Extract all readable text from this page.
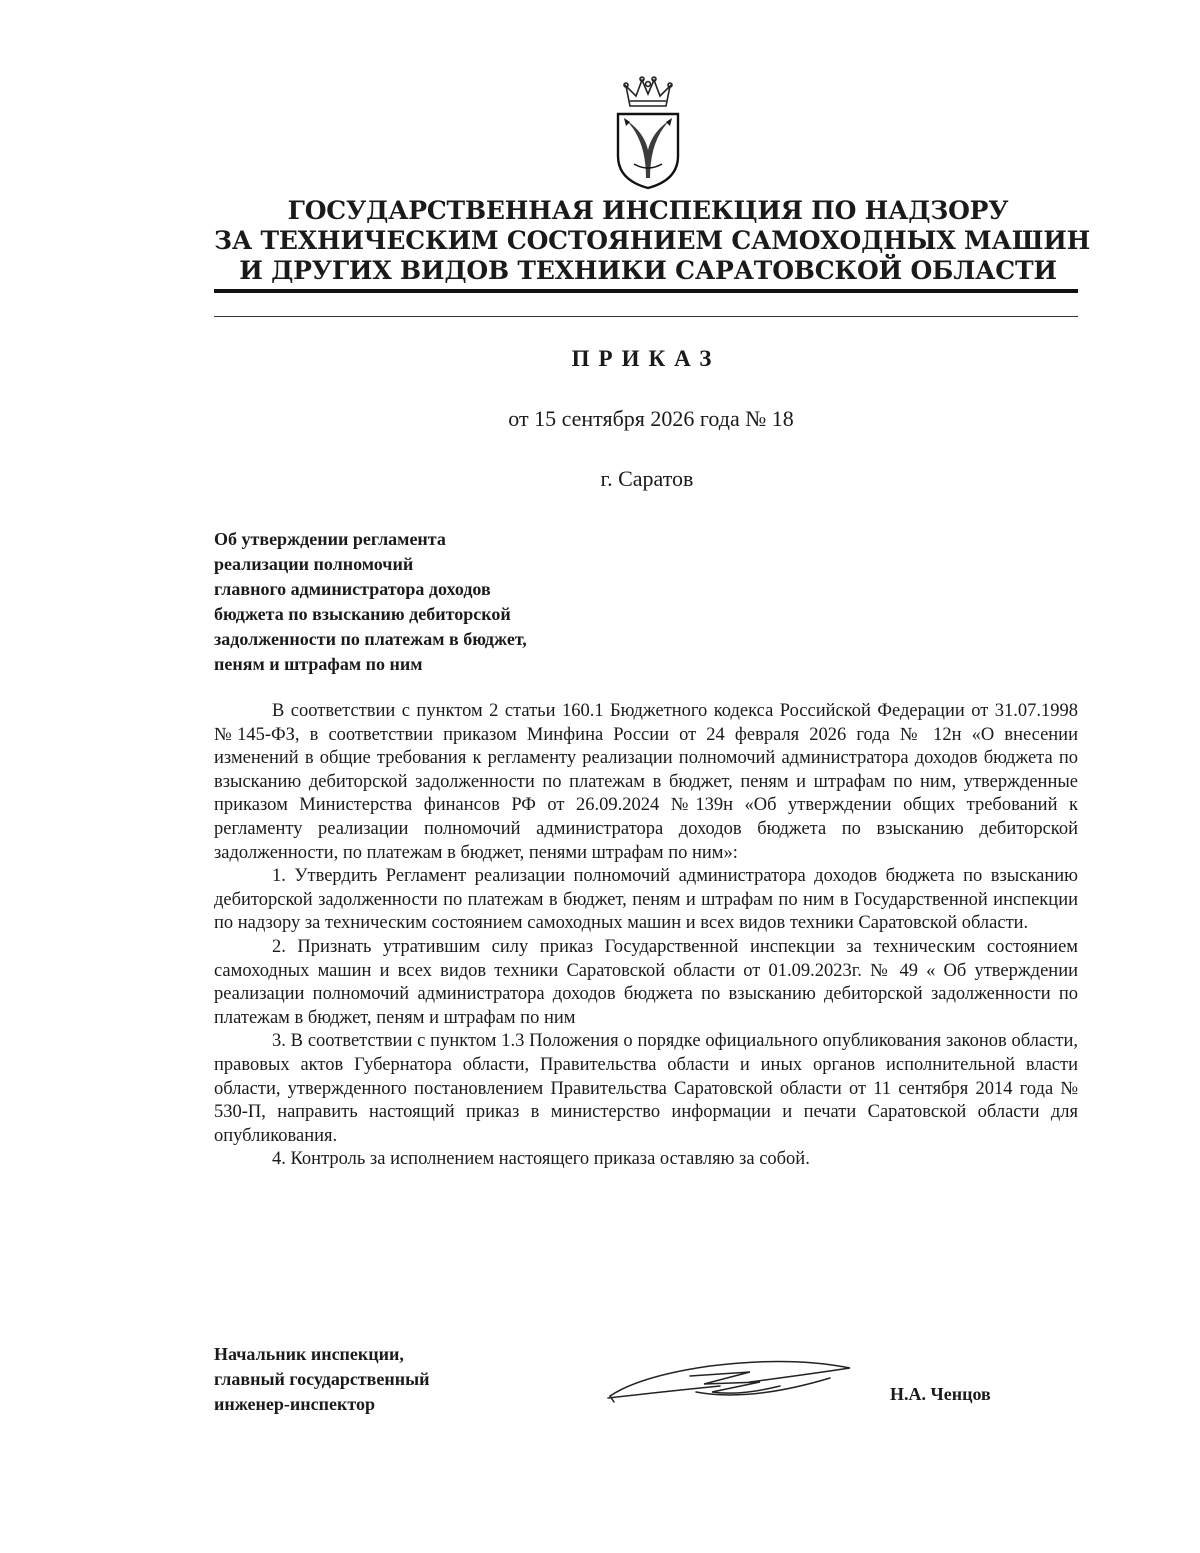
ГОСУДАРСТВЕННАЯ ИНСПЕКЦИЯ ПО НАДЗОРУ
ЗА ТЕХНИЧЕСКИМ СОСТОЯНИЕМ САМОХОДНЫХ МАШИН
И ДРУГИХ ВИДОВ ТЕХНИКИ САРАТОВСКОЙ ОБЛАСТИ
ПРИКАЗ
от 15 сентября 2026 года № 18
г. Саратов
Об утверждении регламента
реализации полномочий
главного администратора доходов
бюджета по взысканию дебиторской
задолженности по платежам в бюджет,
пеням и штрафам по ним

В соответствии с пунктом 2 статьи 160.1 Бюджетного кодекса Российской Федерации от 31.07.1998 №145-ФЗ, в соответствии приказом Минфина России от 24 февраля 2026 года № 12н «О внесении изменений в общие требования к регламенту реализации полномочий администратора доходов бюджета по взысканию дебиторской задолженности по платежам в бюджет, пеням и штрафам по ним, утвержденные приказом Министерства финансов РФ от 26.09.2024 №139н «Об утверждении общих требований к регламенту реализации полномочий администратора доходов бюджета по взысканию дебиторской задолженности, по платежам в бюджет, пенями штрафам по ним»:

1. Утвердить Регламент реализации полномочий администратора доходов бюджета по взысканию дебиторской задолженности по платежам в бюджет, пеням и штрафам по ним в Государственной инспекции по надзору за техническим состоянием самоходных машин и всех видов техники Саратовской области.

2. Признать утратившим силу приказ Государственной инспекции за техническим состоянием самоходных машин и всех видов техники Саратовской области от 01.09.2023г. № 49 « Об утверждении реализации полномочий администратора доходов бюджета по взысканию дебиторской задолженности по платежам в бюджет, пеням и штрафам по ним

3. В соответствии с пунктом 1.3 Положения о порядке официального опубликования законов области, правовых актов Губернатора области, Правительства области и иных органов исполнительной власти области, утвержденного постановлением Правительства Саратовской области от 11 сентября 2014 года № 530-П, направить настоящий приказ в министерство информации и печати Саратовской области для опубликования.

4. Контроль за исполнением настоящего приказа оставляю за собой.

Начальник инспекции,
главный государственный
инженер-инспектор	Н.А. Ченцов
